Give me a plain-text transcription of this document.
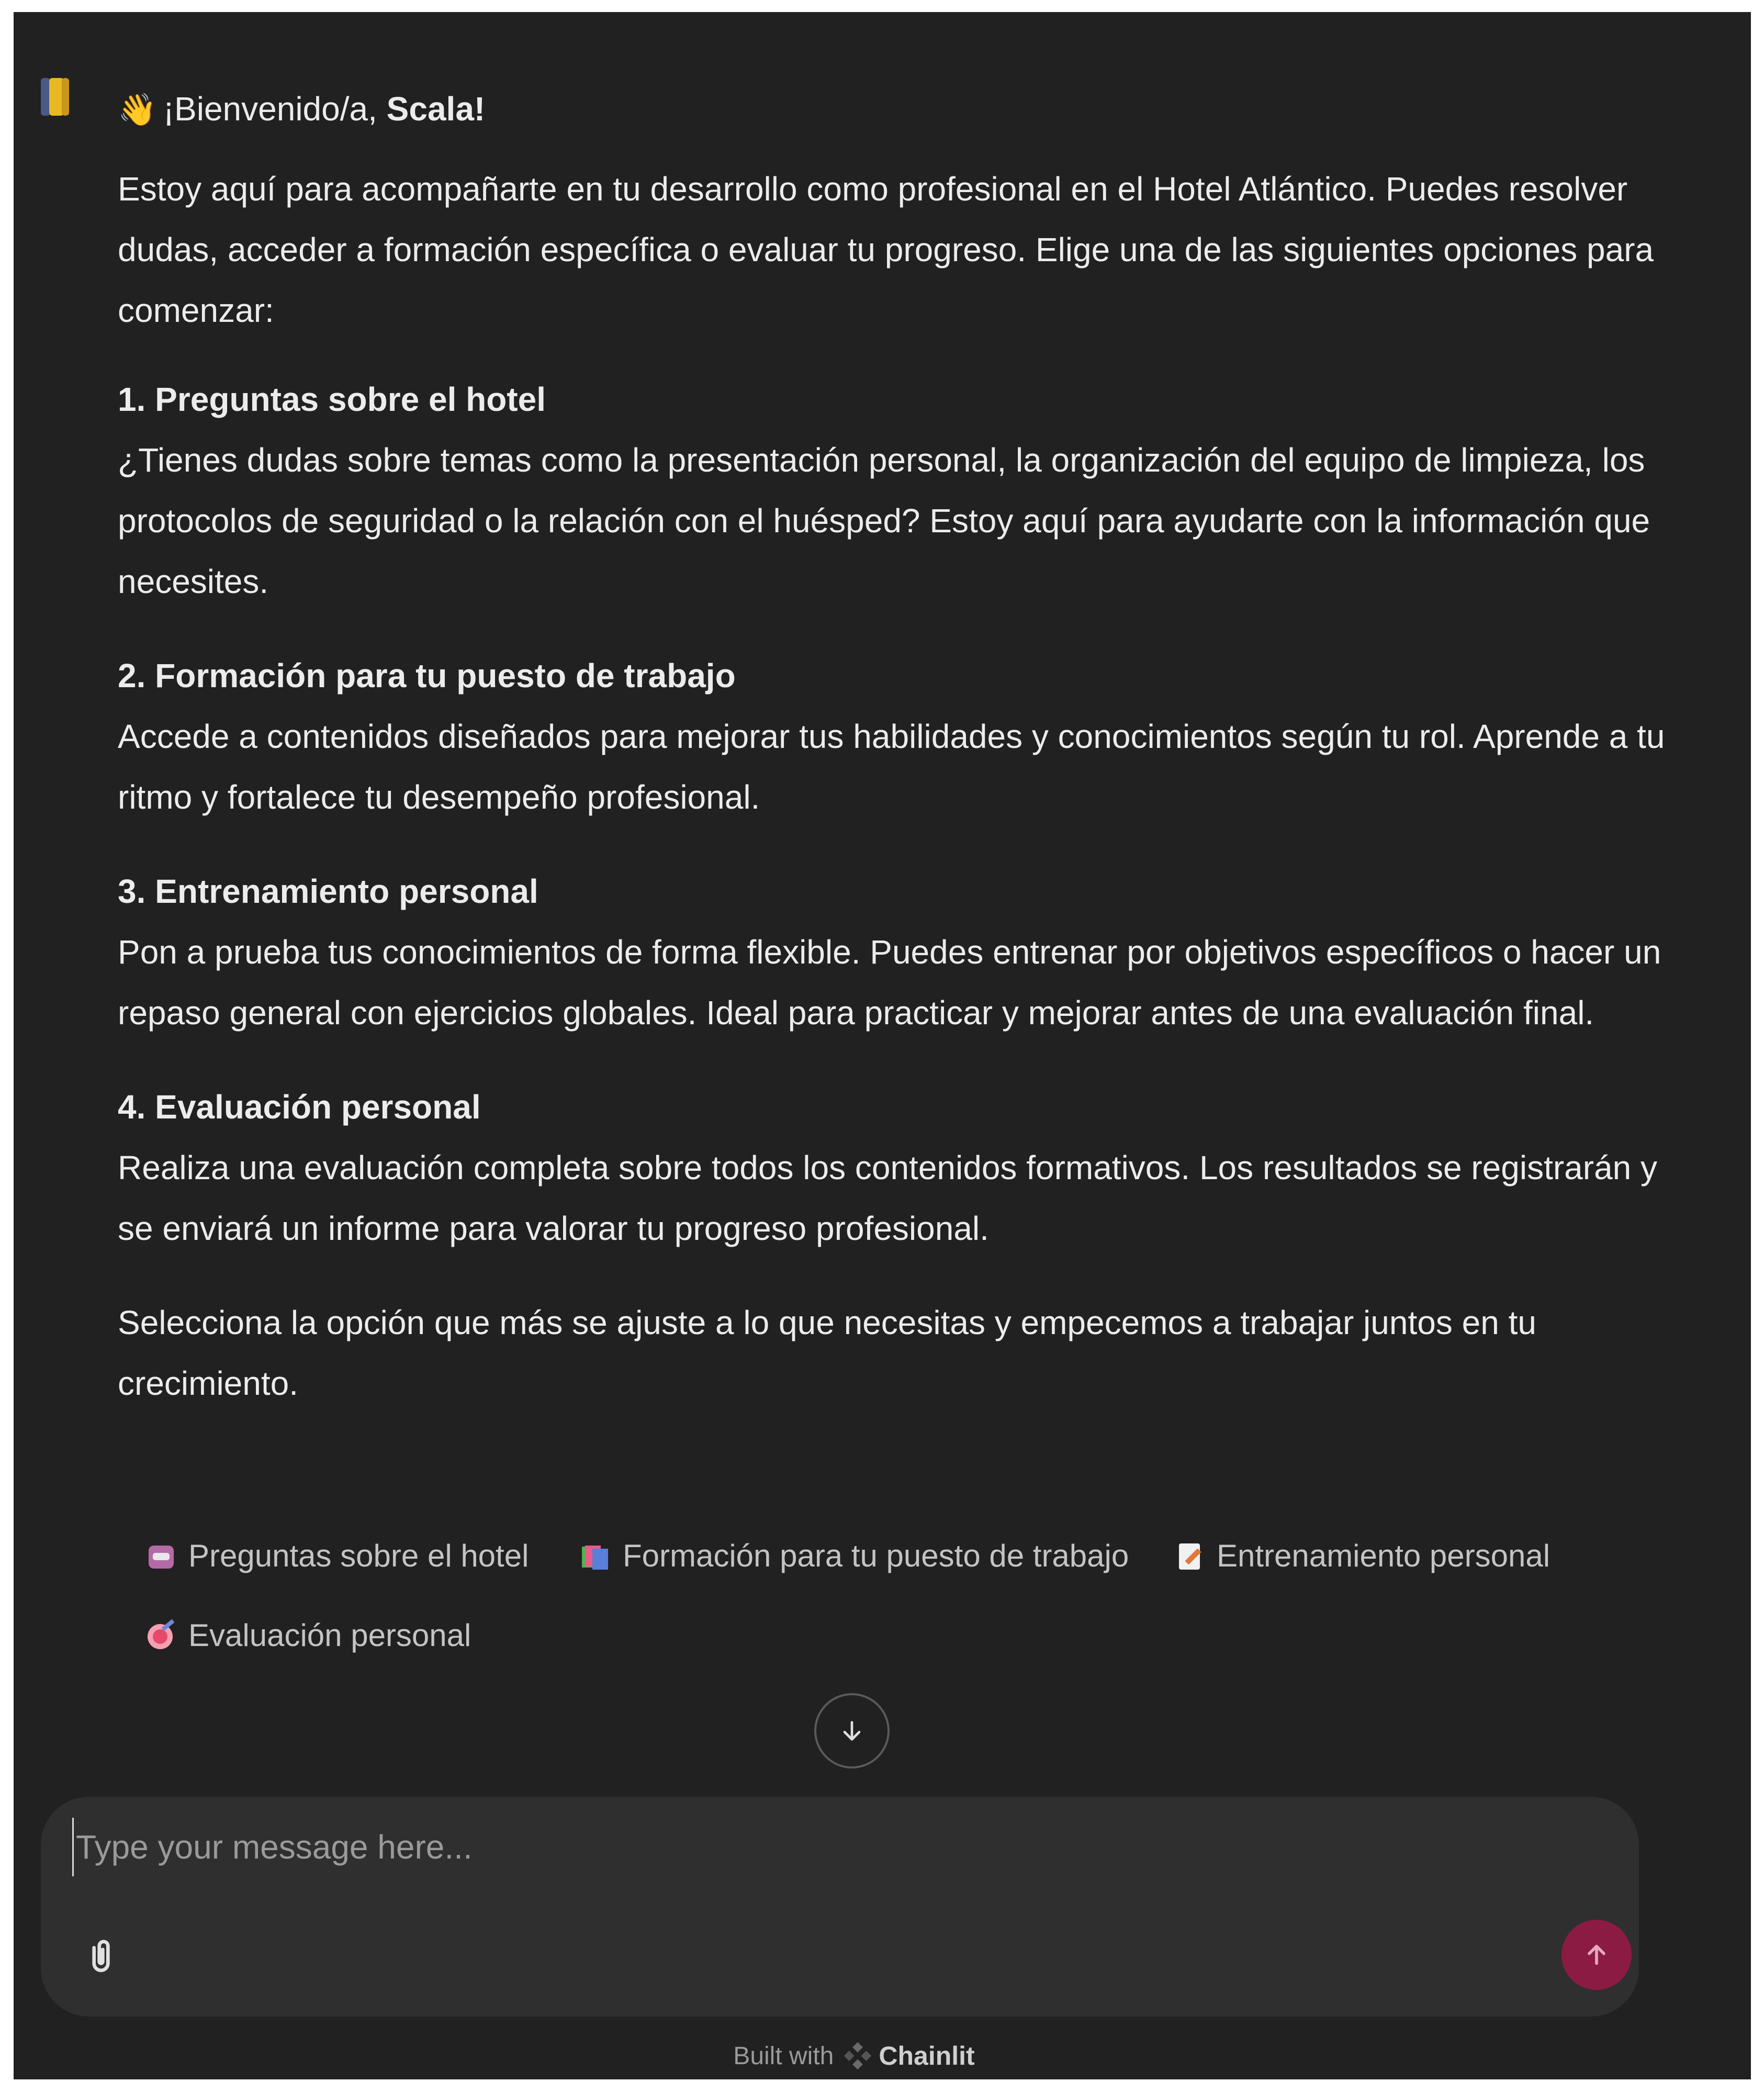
👋 ¡Bienvenido/a, Scala!

Estoy aquí para acompañarte en tu desarrollo como profesional en el Hotel Atlántico. Puedes resolver dudas, acceder a formación específica o evaluar tu progreso. Elige una de las siguientes opciones para comenzar:

1. Preguntas sobre el hotel

¿Tienes dudas sobre temas como la presentación personal, la organización del equipo de limpieza, los protocolos de seguridad o la relación con el huésped? Estoy aquí para ayudarte con la información que necesites.

2. Formación para tu puesto de trabajo

Accede a contenidos diseñados para mejorar tus habilidades y conocimientos según tu rol. Aprende a tu ritmo y fortalece tu desempeño profesional.

3. Entrenamiento personal

Pon a prueba tus conocimientos de forma flexible. Puedes entrenar por objetivos específicos o hacer un repaso general con ejercicios globales. Ideal para practicar y mejorar antes de una evaluación final.

4. Evaluación personal

Realiza una evaluación completa sobre todos los contenidos formativos. Los resultados se registrarán y se enviará un informe para valorar tu progreso profesional.

Selecciona la opción que más se ajuste a lo que necesitas y empecemos a trabajar juntos en tu crecimiento.

Preguntas sobre el hotel	Formación para tu puesto de trabajo	Entrenamiento personal
Evaluación personal
Type your message here...
Built with Chainlit
